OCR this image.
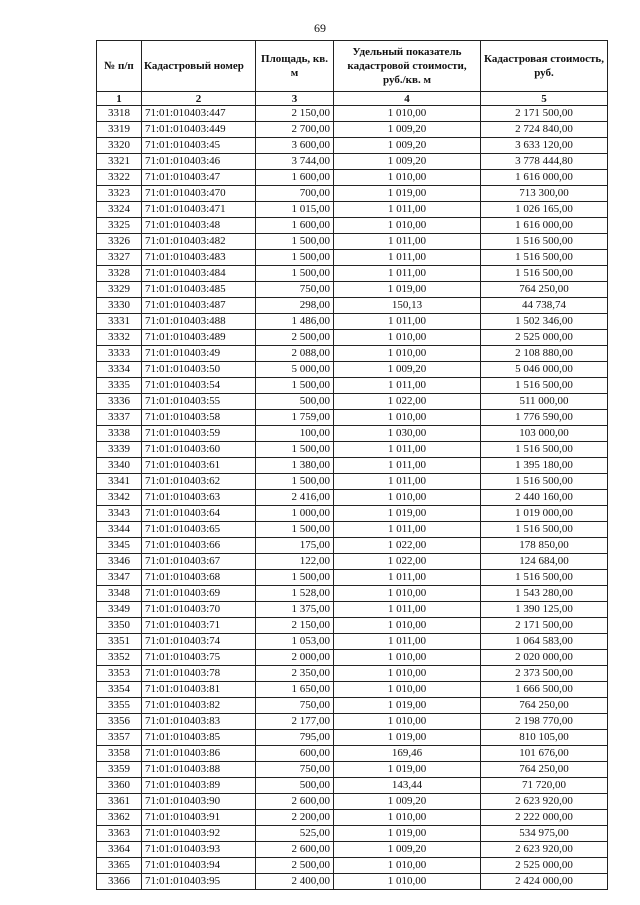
69
№ п/п	Кадастровый номер	Площадь, кв. м	Удельный показатель кадастровой стоимости, руб./кв. м	Кадастровая стоимость, руб.
1	2	3	4	5
3318	71:01:010403:447	2 150,00	1 010,00	2 171 500,00
3319	71:01:010403:449	2 700,00	1 009,20	2 724 840,00
3320	71:01:010403:45	3 600,00	1 009,20	3 633 120,00
3321	71:01:010403:46	3 744,00	1 009,20	3 778 444,80
3322	71:01:010403:47	1 600,00	1 010,00	1 616 000,00
3323	71:01:010403:470	700,00	1 019,00	713 300,00
3324	71:01:010403:471	1 015,00	1 011,00	1 026 165,00
3325	71:01:010403:48	1 600,00	1 010,00	1 616 000,00
3326	71:01:010403:482	1 500,00	1 011,00	1 516 500,00
3327	71:01:010403:483	1 500,00	1 011,00	1 516 500,00
3328	71:01:010403:484	1 500,00	1 011,00	1 516 500,00
3329	71:01:010403:485	750,00	1 019,00	764 250,00
3330	71:01:010403:487	298,00	150,13	44 738,74
3331	71:01:010403:488	1 486,00	1 011,00	1 502 346,00
3332	71:01:010403:489	2 500,00	1 010,00	2 525 000,00
3333	71:01:010403:49	2 088,00	1 010,00	2 108 880,00
3334	71:01:010403:50	5 000,00	1 009,20	5 046 000,00
3335	71:01:010403:54	1 500,00	1 011,00	1 516 500,00
3336	71:01:010403:55	500,00	1 022,00	511 000,00
3337	71:01:010403:58	1 759,00	1 010,00	1 776 590,00
3338	71:01:010403:59	100,00	1 030,00	103 000,00
3339	71:01:010403:60	1 500,00	1 011,00	1 516 500,00
3340	71:01:010403:61	1 380,00	1 011,00	1 395 180,00
3341	71:01:010403:62	1 500,00	1 011,00	1 516 500,00
3342	71:01:010403:63	2 416,00	1 010,00	2 440 160,00
3343	71:01:010403:64	1 000,00	1 019,00	1 019 000,00
3344	71:01:010403:65	1 500,00	1 011,00	1 516 500,00
3345	71:01:010403:66	175,00	1 022,00	178 850,00
3346	71:01:010403:67	122,00	1 022,00	124 684,00
3347	71:01:010403:68	1 500,00	1 011,00	1 516 500,00
3348	71:01:010403:69	1 528,00	1 010,00	1 543 280,00
3349	71:01:010403:70	1 375,00	1 011,00	1 390 125,00
3350	71:01:010403:71	2 150,00	1 010,00	2 171 500,00
3351	71:01:010403:74	1 053,00	1 011,00	1 064 583,00
3352	71:01:010403:75	2 000,00	1 010,00	2 020 000,00
3353	71:01:010403:78	2 350,00	1 010,00	2 373 500,00
3354	71:01:010403:81	1 650,00	1 010,00	1 666 500,00
3355	71:01:010403:82	750,00	1 019,00	764 250,00
3356	71:01:010403:83	2 177,00	1 010,00	2 198 770,00
3357	71:01:010403:85	795,00	1 019,00	810 105,00
3358	71:01:010403:86	600,00	169,46	101 676,00
3359	71:01:010403:88	750,00	1 019,00	764 250,00
3360	71:01:010403:89	500,00	143,44	71 720,00
3361	71:01:010403:90	2 600,00	1 009,20	2 623 920,00
3362	71:01:010403:91	2 200,00	1 010,00	2 222 000,00
3363	71:01:010403:92	525,00	1 019,00	534 975,00
3364	71:01:010403:93	2 600,00	1 009,20	2 623 920,00
3365	71:01:010403:94	2 500,00	1 010,00	2 525 000,00
3366	71:01:010403:95	2 400,00	1 010,00	2 424 000,00
